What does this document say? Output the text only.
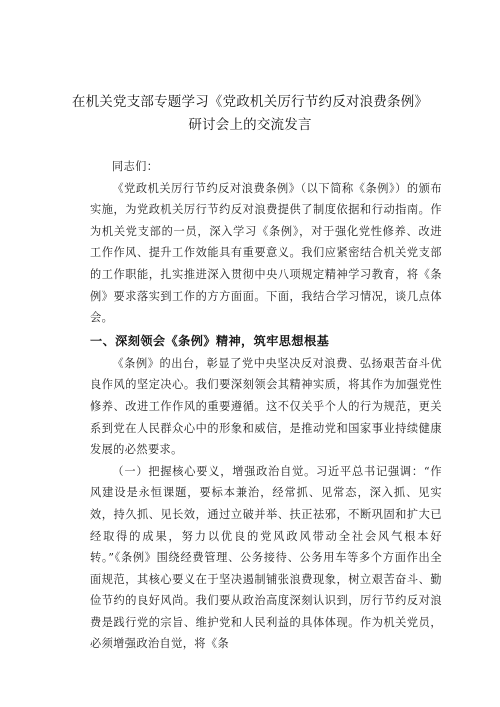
在机关党支部专题学习《党政机关厉行节约反对浪费条例》
研讨会上的交流发言

同志们：

《党政机关厉行节约反对浪费条例》（以下简称《条例》）的颁布实施，为党政机关厉行节约反对浪费提供了制度依据和行动指南。作为机关党支部的一员，深入学习《条例》，对于强化党性修养、改进工作作风、提升工作效能具有重要意义。我们应紧密结合机关党支部的工作职能，扎实推进深入贯彻中央八项规定精神学习教育，将《条例》要求落实到工作的方方面面。下面，我结合学习情况，谈几点体会。

一、深刻领会《条例》精神，筑牢思想根基

《条例》的出台，彰显了党中央坚决反对浪费、弘扬艰苦奋斗优良作风的坚定决心。我们要深刻领会其精神实质，将其作为加强党性修养、改进工作作风的重要遵循。这不仅关乎个人的行为规范，更关系到党在人民群众心中的形象和威信，是推动党和国家事业持续健康发展的必然要求。

（一）把握核心要义，增强政治自觉。习近平总书记强调：“作风建设是永恒课题，要标本兼治，经常抓、见常态，深入抓、见实效，持久抓、见长效，通过立破并举、扶正祛邪，不断巩固和扩大已经取得的成果，努力以优良的党风政风带动全社会风气根本好转。”《条例》围绕经费管理、公务接待、公务用车等多个方面作出全面规范，其核心要义在于坚决遏制铺张浪费现象，树立艰苦奋斗、勤俭节约的良好风尚。我们要从政治高度深刻认识到，厉行节约反对浪费是践行党的宗旨、维护党和人民利益的具体体现。作为机关党员，必须增强政治自觉，将《条
